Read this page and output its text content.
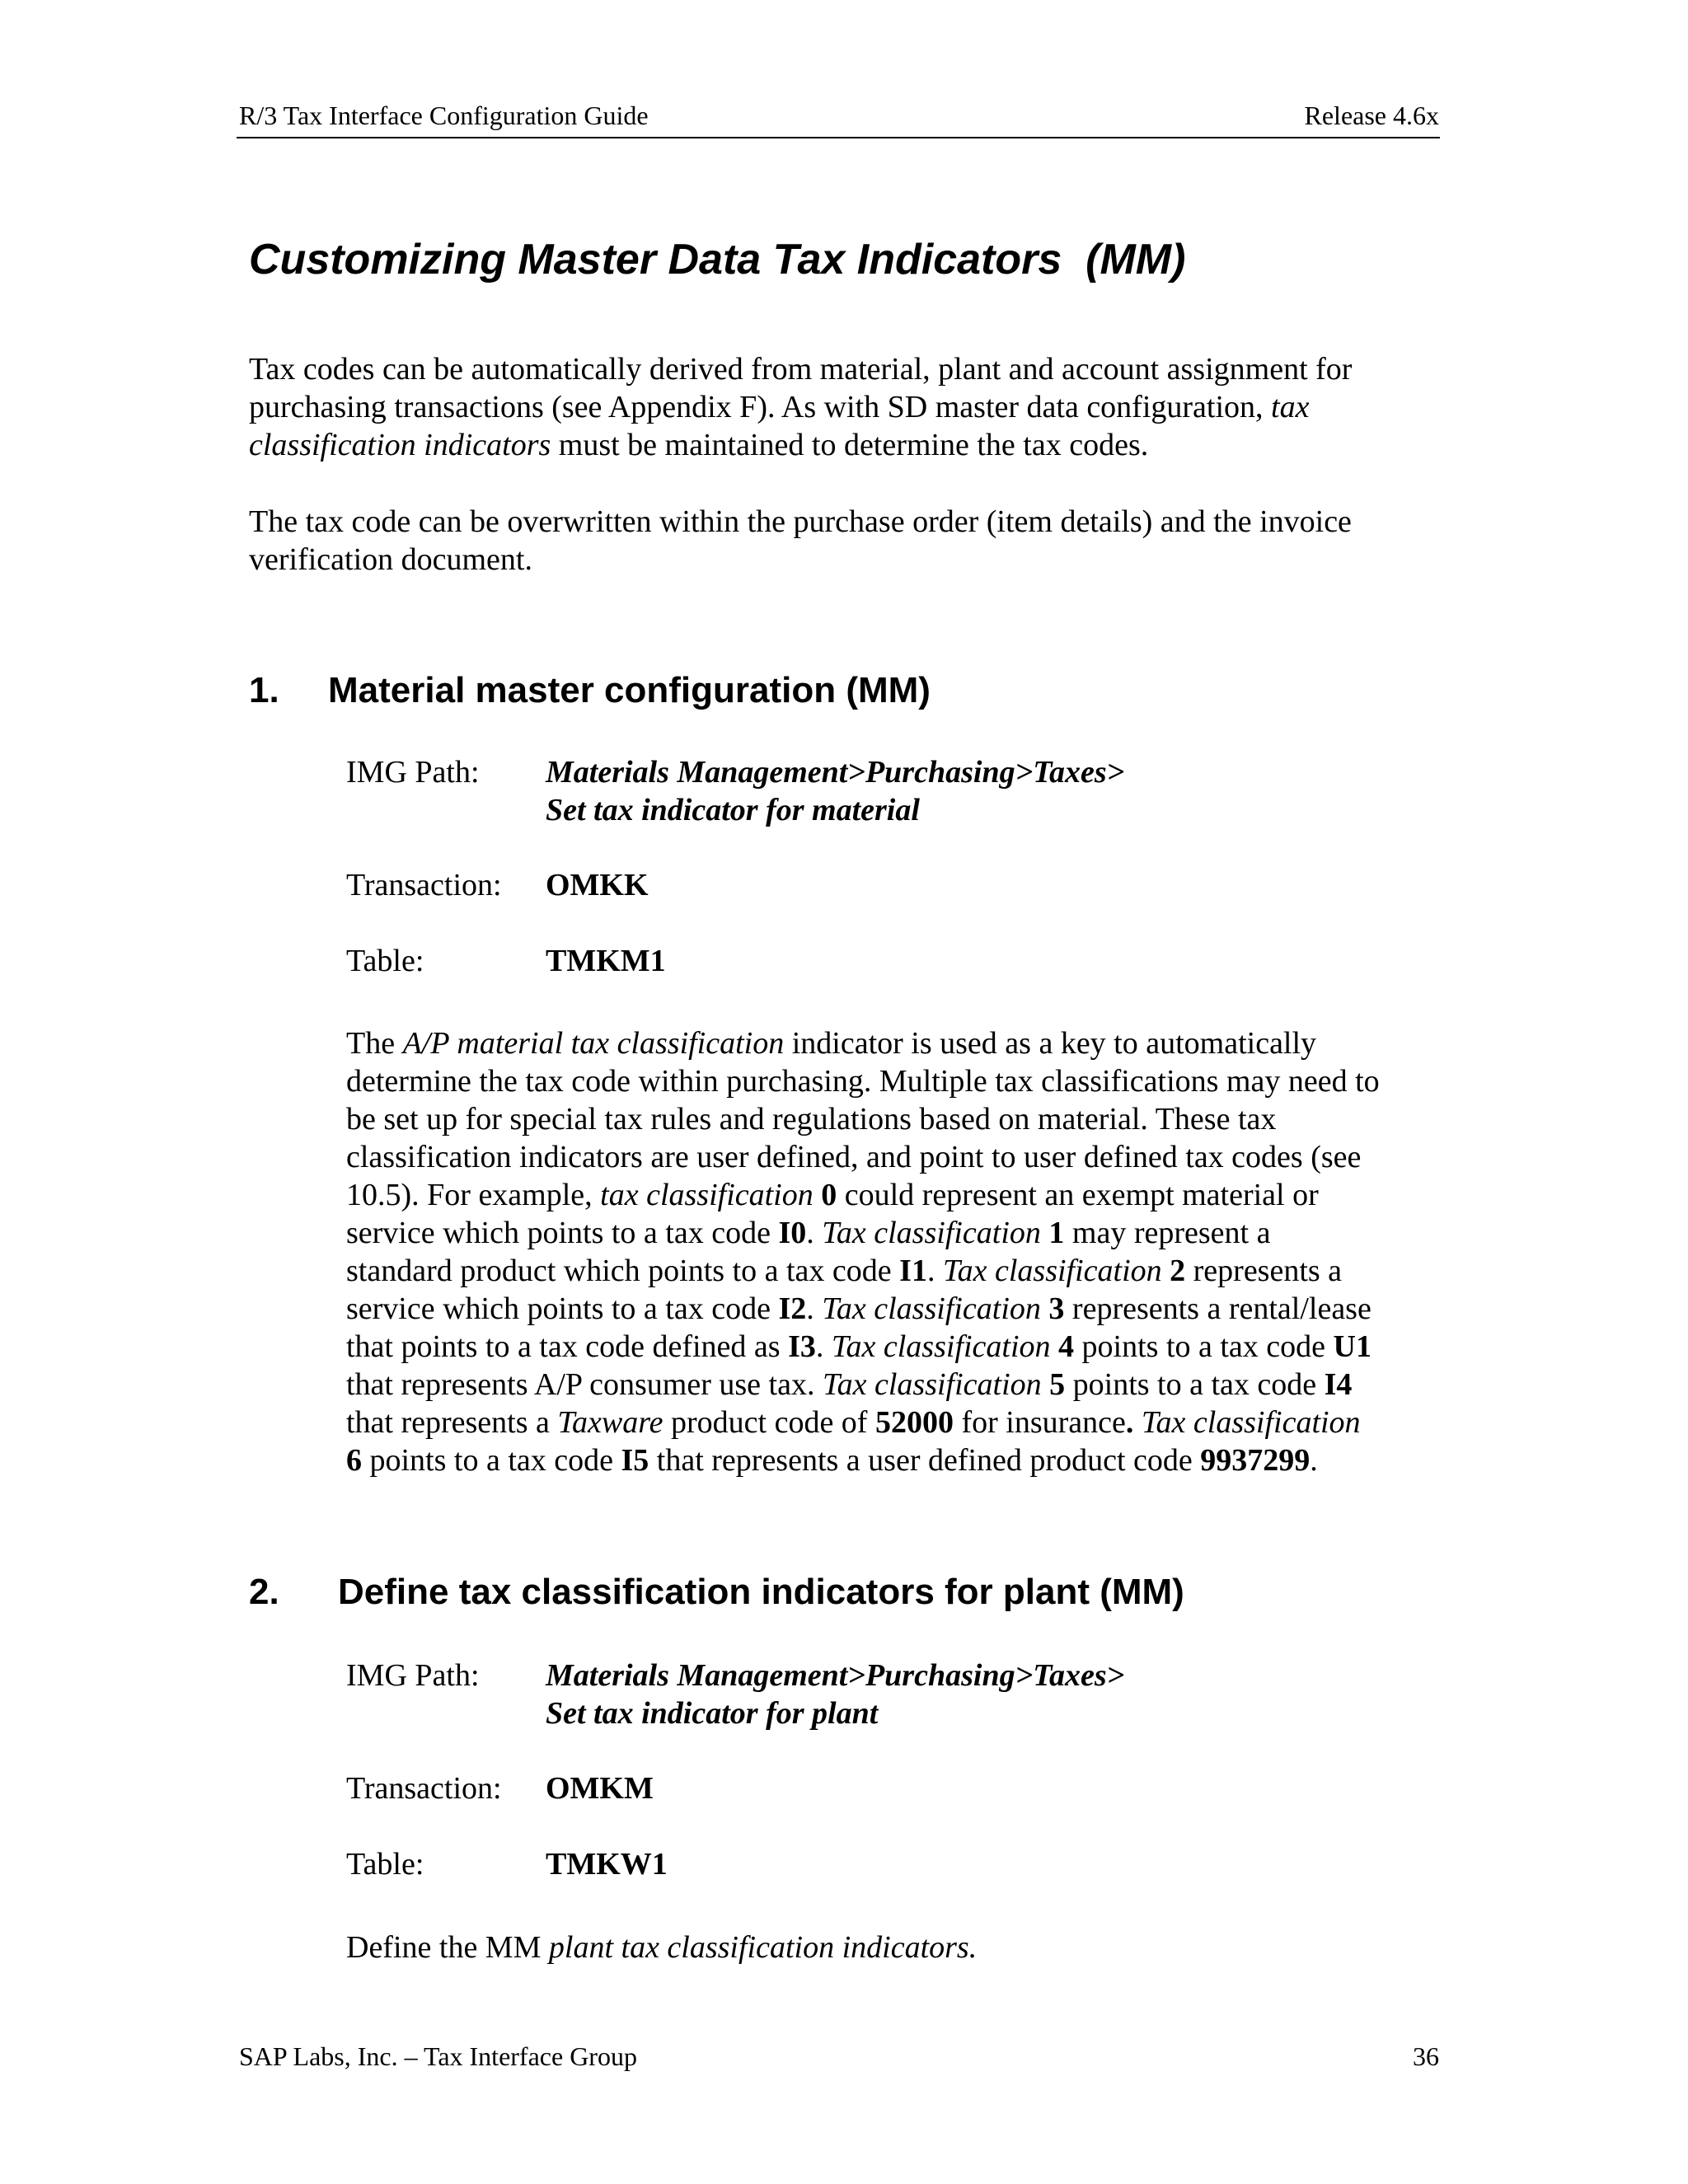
R/3 Tax Interface Configuration Guide	Release 4.6x
Customizing Master Data Tax Indicators  (MM)
Tax codes can be automatically derived from material, plant and account assignment for purchasing transactions (see Appendix F). As with SD master data configuration, tax classification indicators must be maintained to determine the tax codes.
The tax code can be overwritten within the purchase order (item details) and the invoice verification document.
1. Material master configuration (MM)
IMG Path: Materials Management>Purchasing>Taxes>
Set tax indicator for material
Transaction: OMKK
Table:	TMKM1
The A/P material tax classification indicator is used as a key to automatically
determine the tax code within purchasing. Multiple tax classifications may need to
be set up for special tax rules and regulations based on material. These tax
classification indicators are user defined, and point to user defined tax codes (see
10.5). For example, tax classification 0 could represent an exempt material or
service which points to a tax code I0. Tax classification 1 may represent a
standard product which points to a tax code I1. Tax classification 2 represents a
service which points to a tax code I2. Tax classification 3 represents a rental/lease
that points to a tax code defined as I3. Tax classification 4 points to a tax code U1
that represents A/P consumer use tax. Tax classification 5 points to a tax code I4
that represents a Taxware product code of 52000 for insurance. Tax classification
6 points to a tax code I5 that represents a user defined product code 9937299.
2. Define tax classification indicators for plant (MM)
IMG Path: Materials Management>Purchasing>Taxes>
Set tax indicator for plant
Transaction: OMKM
Table:	TMKW1
Define the MM plant tax classification indicators.
SAP Labs, Inc. – Tax Interface Group	36
